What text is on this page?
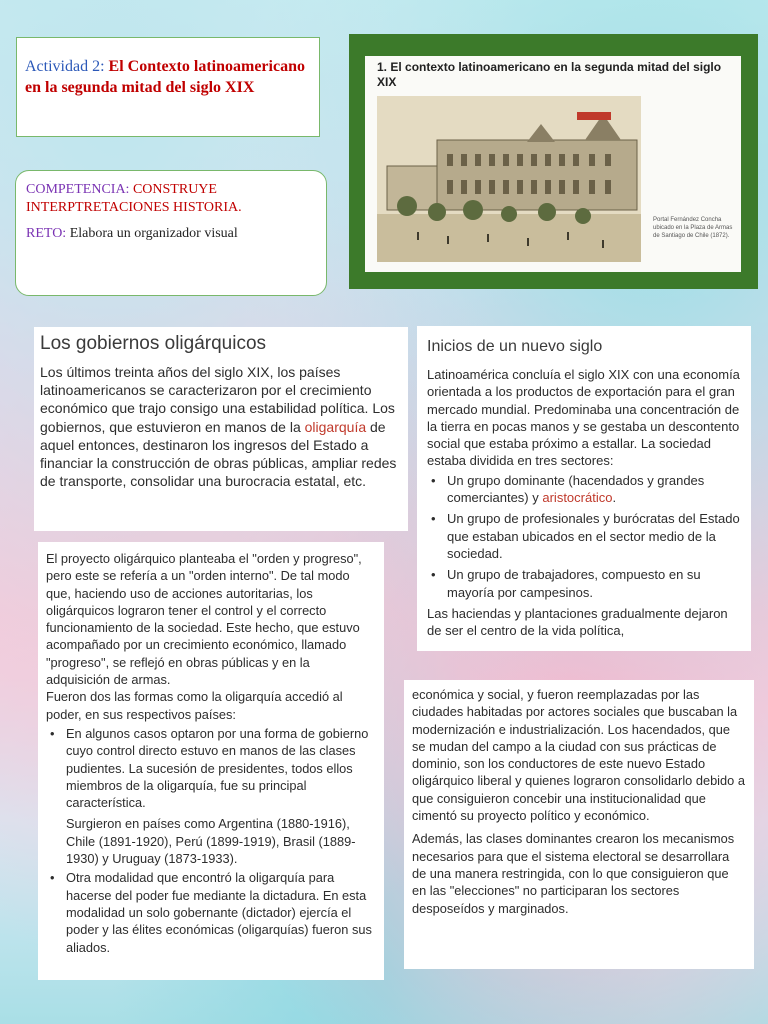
Actividad 2: El Contexto latinoamericano en la segunda mitad del siglo XIX
COMPETENCIA: CONSTRUYE INTERPTRETACIONES HISTORIA.
RETO: Elabora un organizador visual
1. El contexto latinoamericano en la segunda mitad del siglo XIX
Portal Fernández Concha ubicado en la Plaza de Armas de Santiago de Chile (1872).
Los gobiernos oligárquicos

Los últimos treinta años del siglo XIX, los países latinoamericanos se caracterizaron por el crecimiento económico que trajo consigo una estabilidad política. Los gobiernos, que estuvieron en manos de la oligarquía de aquel entonces, destinaron los ingresos del Estado a financiar la construcción de obras públicas, ampliar redes de transporte, consolidar una burocracia estatal, etc.

Inicios de un nuevo siglo

Latinoamérica concluía el siglo XIX con una economía orientada a los productos de exportación para el gran mercado mundial. Predominaba una concentración de la tierra en pocas manos y se gestaba un descontento social que estaba próximo a estallar. La sociedad estaba dividida en tres sectores:

• Un grupo dominante (hacendados y grandes comerciantes) y aristocrático.
• Un grupo de profesionales y burócratas del Estado que estaban ubicados en el sector medio de la sociedad.
• Un grupo de trabajadores, compuesto en su mayoría por campesinos.

Las haciendas y plantaciones gradualmente dejaron de ser el centro de la vida política,

El proyecto oligárquico planteaba el "orden y progreso", pero este se refería a un "orden interno". De tal modo que, haciendo uso de acciones autoritarias, los oligárquicos lograron tener el control y el correcto funcionamiento de la sociedad. Este hecho, que estuvo acompañado por un crecimiento económico, llamado "progreso", se reflejó en obras públicas y en la adquisición de armas.

Fueron dos las formas como la oligarquía accedió al poder, en sus respectivos países:

• En algunos casos optaron por una forma de gobierno cuyo control directo estuvo en manos de las clases pudientes. La sucesión de presidentes, todos ellos miembros de la oligarquía, fue su principal característica.

Surgieron en países como Argentina (1880-1916), Chile (1891-1920), Perú (1899-1919), Brasil (1889-1930) y Uruguay (1873-1933).

• Otra modalidad que encontró la oligarquía para hacerse del poder fue mediante la dictadura. En esta modalidad un solo gobernante (dictador) ejercía el poder y las élites económicas (oligarquías) fueron sus aliados.

económica y social, y fueron reemplazadas por las ciudades habitadas por actores sociales que buscaban la modernización e industrialización. Los hacendados, que se mudan del campo a la ciudad con sus prácticas de dominio, son los conductores de este nuevo Estado oligárquico liberal y quienes lograron consolidarlo debido a que consiguieron concebir una institucionalidad que cimentó su proyecto político y económico.

Además, las clases dominantes crearon los mecanismos necesarios para que el sistema electoral se desarrollara de una manera restringida, con lo que consiguieron que en las "elecciones" no participaran los sectores desposeídos y marginados.
